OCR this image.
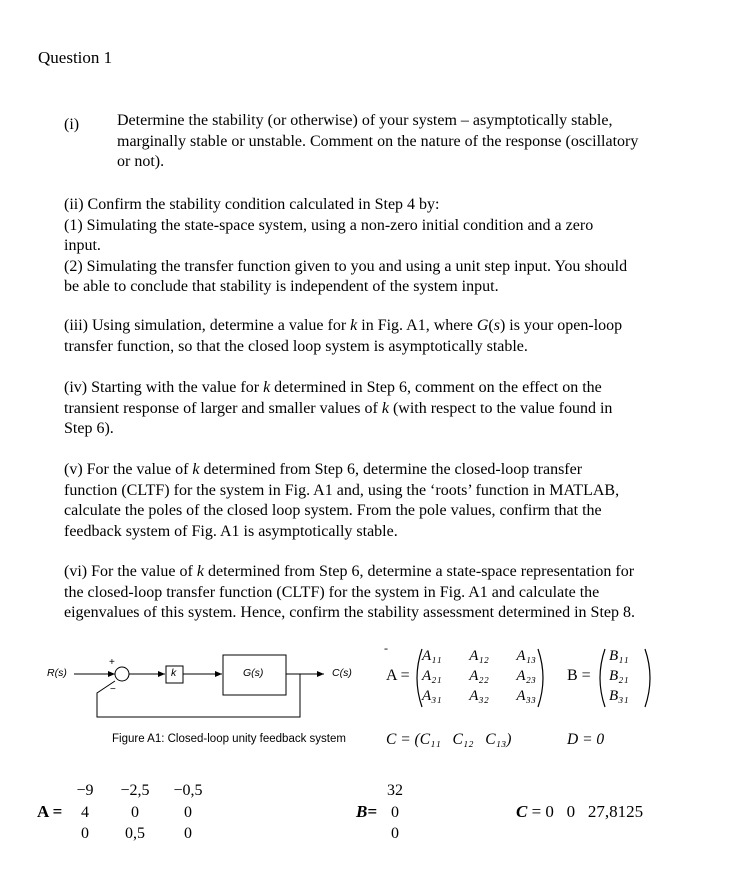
Question 1
(i) Determine the stability (or otherwise) of your system – asymptotically stable,
marginally stable or unstable. Comment on the nature of the response (oscillatory
or not).
(ii) Confirm the stability condition calculated in Step 4 by:
(1) Simulating the state-space system, using a non-zero initial condition and a zero
input.
(2) Simulating the transfer function given to you and using a unit step input. You should
be able to conclude that stability is independent of the system input.
(iii) Using simulation, determine a value for k in Fig. A1, where G(s) is your open-loop
transfer function, so that the closed loop system is asymptotically stable.
(iv) Starting with the value for k determined in Step 6, comment on the effect on the
transient response of larger and smaller values of k (with respect to the value found in
Step 6).
(v) For the value of k determined from Step 6, determine the closed-loop transfer
function (CLTF) for the system in Fig. A1 and, using the ‘roots’ function in MATLAB,
calculate the poles of the closed loop system. From the pole values, confirm that the
feedback system of Fig. A1 is asymptotically stable.
(vi) For the value of k determined from Step 6, determine a state-space representation for
the closed-loop transfer function (CLTF) for the system in Fig. A1 and calculate the
eigenvalues of this system. Hence, confirm the stability assessment determined in Step 8.
R(s)
+
−
k	G(s)	C(s)
Figure A1: Closed-loop unity feedback system
-
A =
A₁₁ A₁₂ A₁₃
A₂₁ A₂₂ A₂₃
A₃₁ A₃₂ A₃₃
B =
B₁₁
B₂₁
B₃₁
C = (C₁₁   C₁₂   C₁₃)	D = 0
A =
−9	−2,5	−0,5
4	0	0
0	0,5	0
B=
32
0
0
C = 0   0   27,8125
